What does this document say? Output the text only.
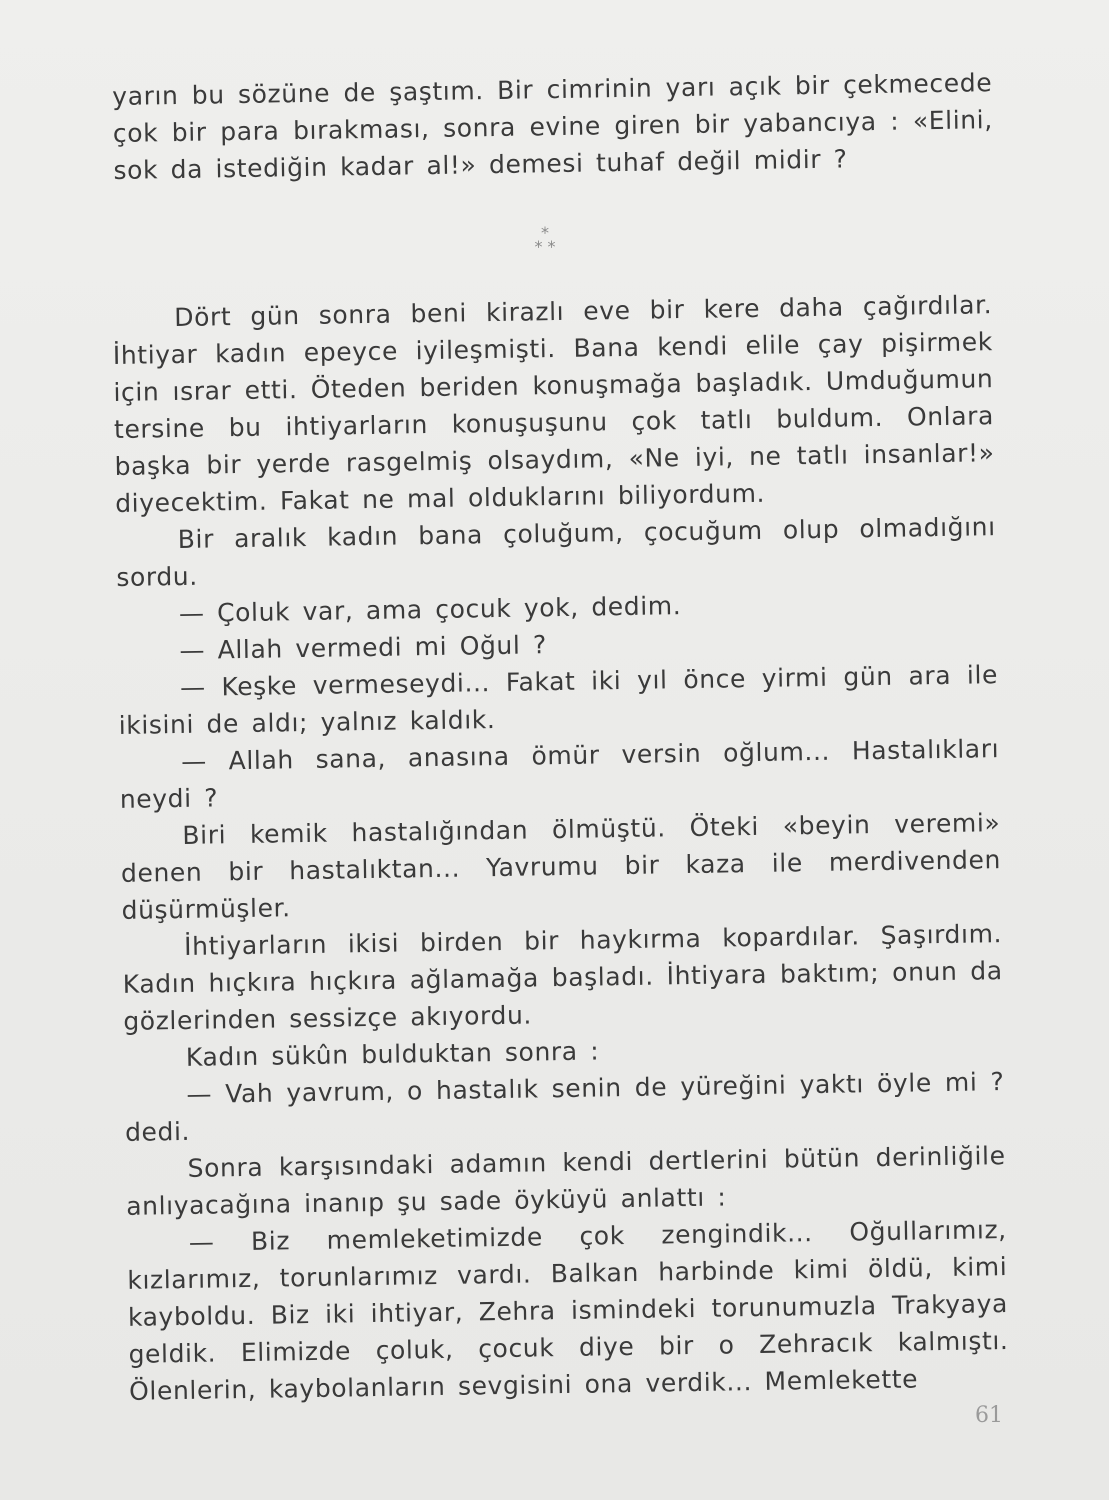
yarın bu sözüne de şaştım. Bir cimrinin yarı açık bir çekmecede çok bir para bırakması, sonra evine giren bir yabancıya : «Elini, sok da istediğin kadar al!» demesi tuhaf değil midir ?

*
* *

Dört gün sonra beni kirazlı eve bir kere daha çağırdılar. İhtiyar kadın epeyce iyileşmişti. Bana kendi elile çay pişirmek için ısrar etti. Öteden beriden konuşmağa başladık. Umduğumun tersine bu ihtiyarların konuşuşunu çok tatlı buldum. Onlara başka bir yerde rasgelmiş olsaydım, «Ne iyi, ne tatlı insanlar!» diyecektim. Fakat ne mal olduklarını biliyordum.

Bir aralık kadın bana çoluğum, çocuğum olup olmadığını sordu.

— Çoluk var, ama çocuk yok, dedim.

— Allah vermedi mi Oğul ?

— Keşke vermeseydi... Fakat iki yıl önce yirmi gün ara ile ikisini de aldı; yalnız kaldık.

— Allah sana, anasına ömür versin oğlum... Hastalıkları neydi ?

Biri kemik hastalığından ölmüştü. Öteki «beyin veremi» denen bir hastalıktan... Yavrumu bir kaza ile merdivenden düşürmüşler.

İhtiyarların ikisi birden bir haykırma kopardılar. Şaşırdım. Kadın hıçkıra hıçkıra ağlamağa başladı. İhtiyara baktım; onun da gözlerinden sessizçe akıyordu.

Kadın sükûn bulduktan sonra :

— Vah yavrum, o hastalık senin de yüreğini yaktı öyle mi ? dedi.

Sonra karşısındaki adamın kendi dertlerini bütün derinliğile anlıyacağına inanıp şu sade öyküyü anlattı :

— Biz memleketimizde çok zengindik... Oğullarımız, kızlarımız, torunlarımız vardı. Balkan harbinde kimi öldü, kimi kayboldu. Biz iki ihtiyar, Zehra ismindeki torunumuzla Trakyaya geldik. Elimizde çoluk, çocuk diye bir o Zehracık kalmıştı. Ölenlerin, kaybolanların sevgisini ona verdik... Memlekette

61
